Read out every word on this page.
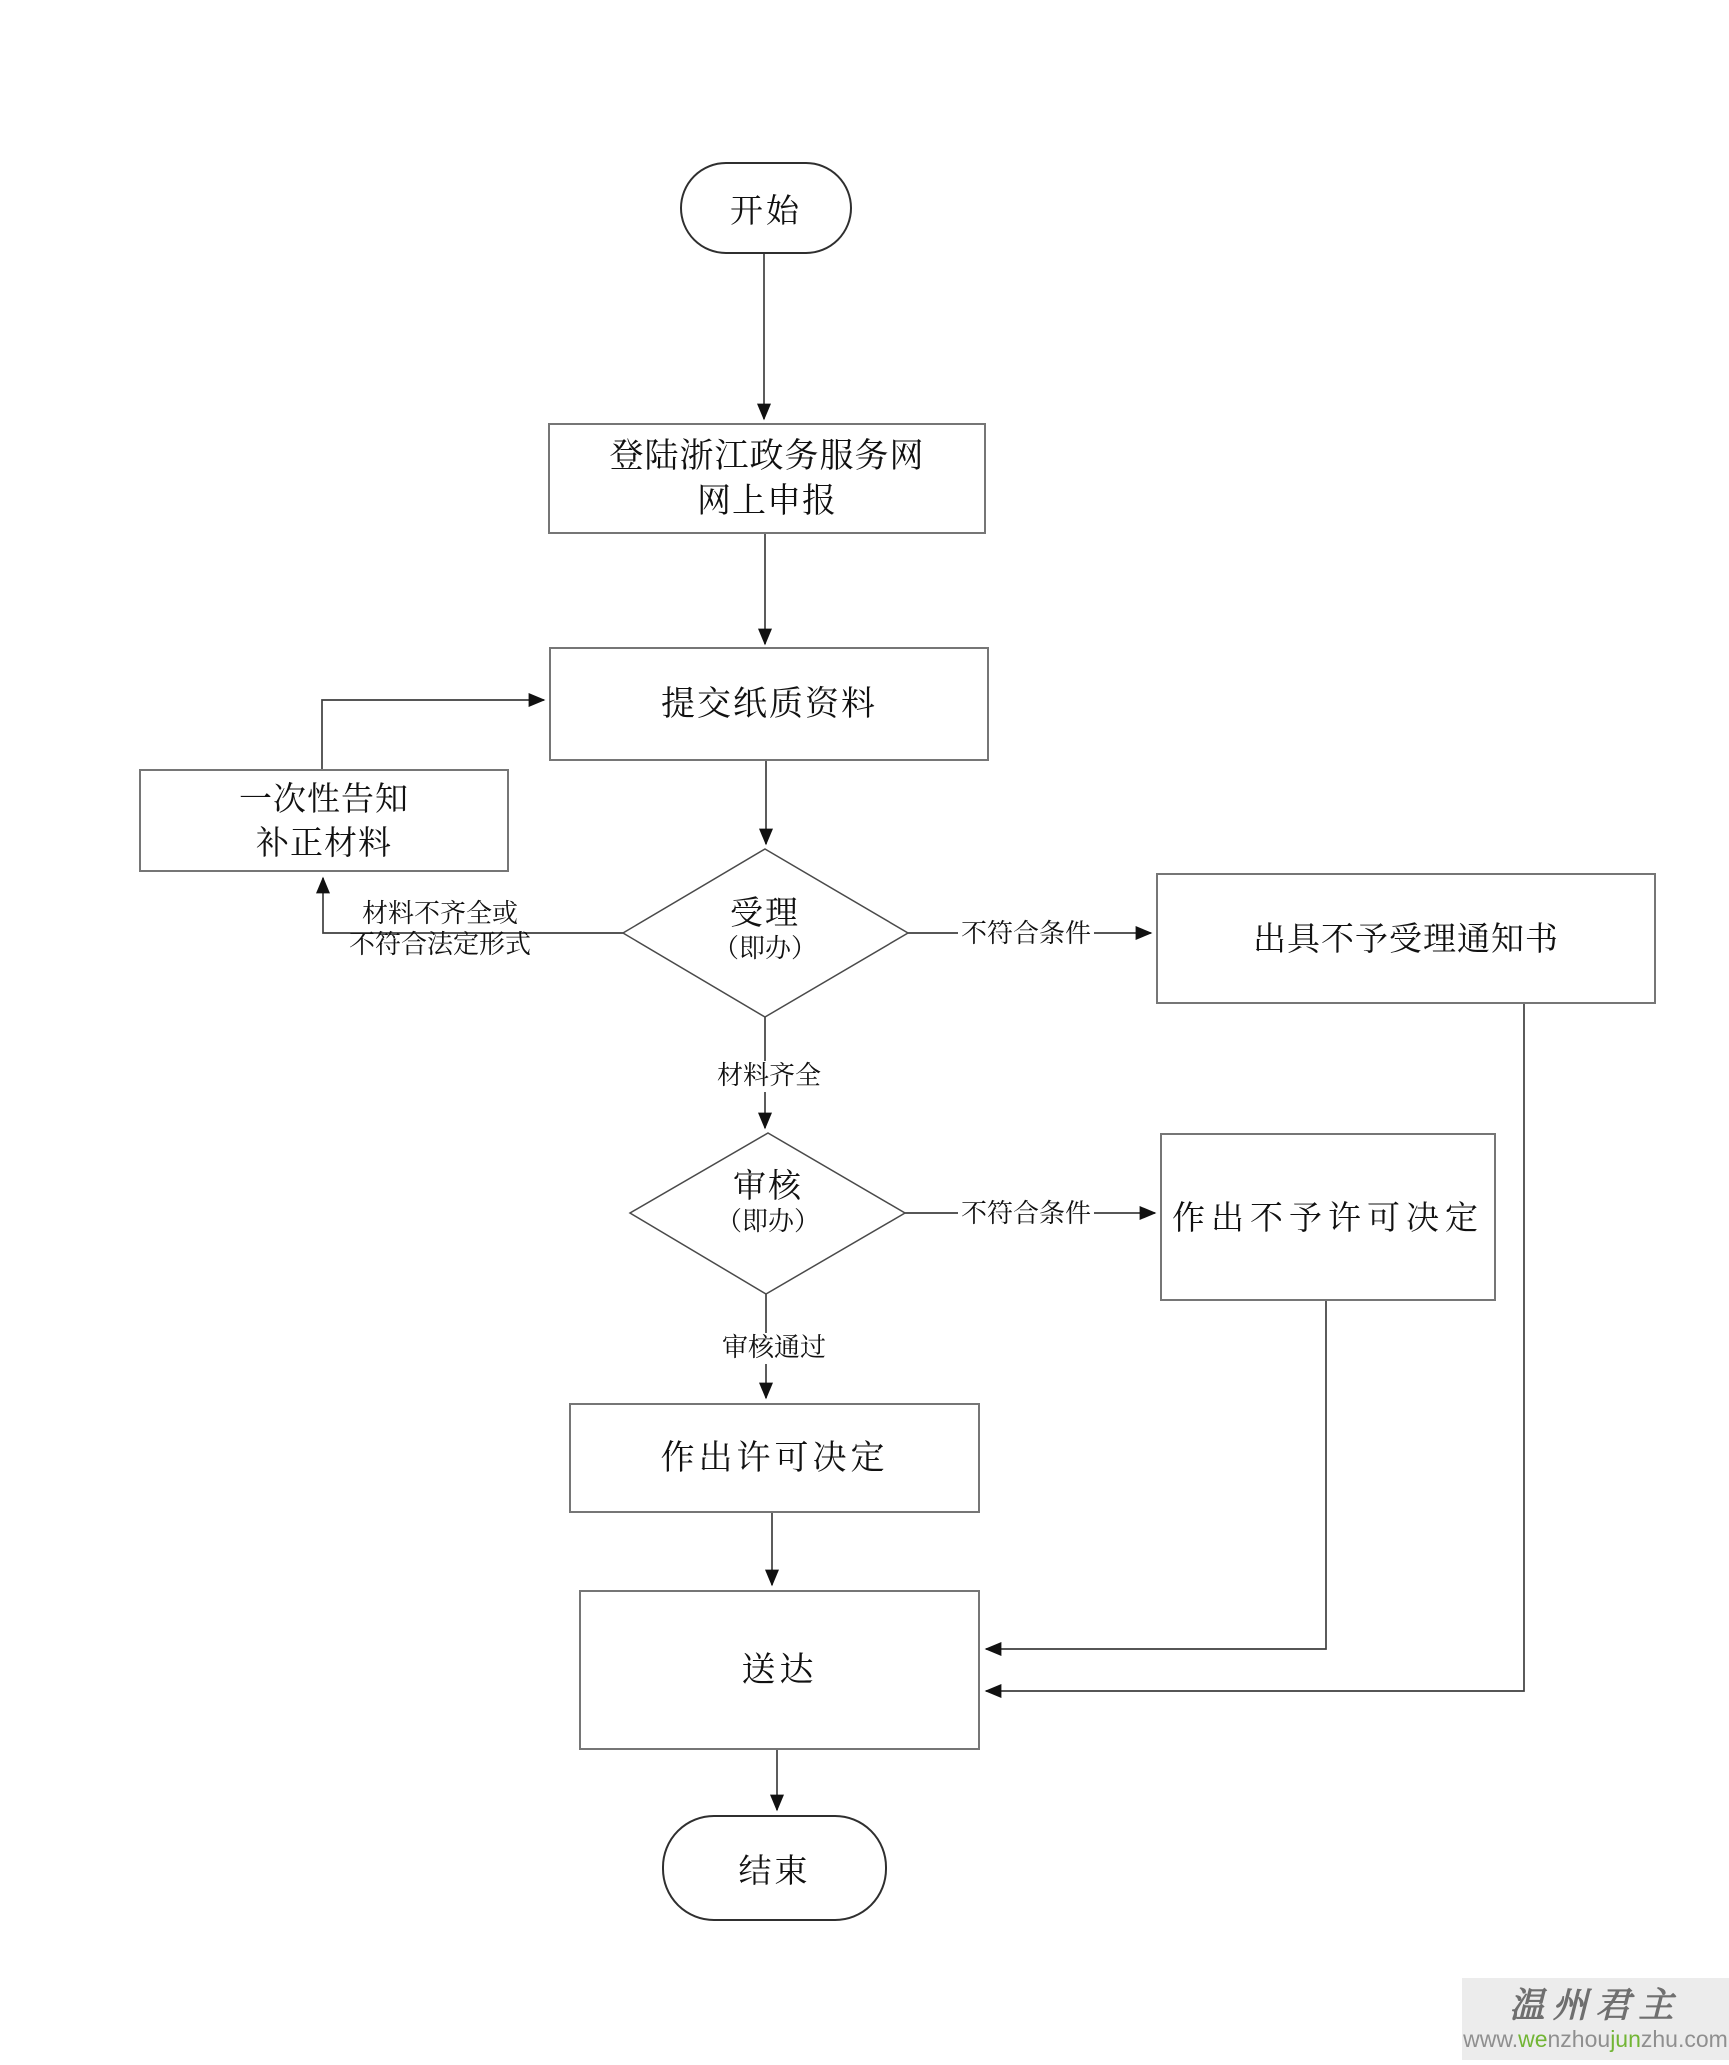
开始
登陆浙江政务服务网
网上申报
提交纸质资料
一次性告知
补正材料
受理
（即办）	出具不予受理通知书
审核
（即办）	作出不予许可决定
作出许可决定
送达
结束
材料不齐全或
不符合法定形式	不符合条件
材料齐全
不符合条件
审核通过
温州君主
www.wenzhoujunzhu.com
